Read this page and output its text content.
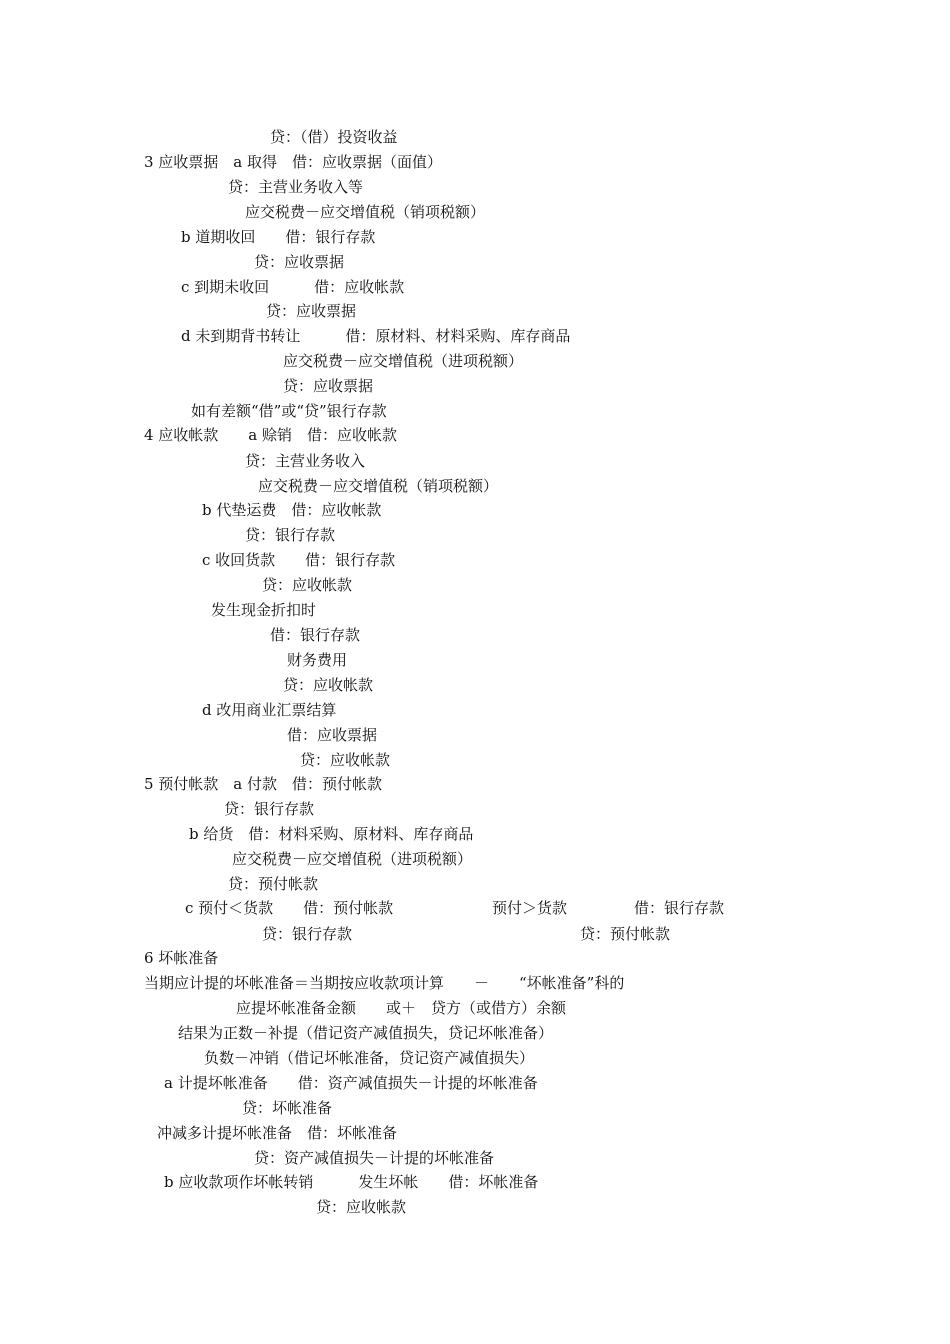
贷：（借）投资收益
3 应收票据　a 取得　借：应收票据（面值）
贷：主营业务收入等
应交税费－应交增值税（销项税额）
b 道期收回　　借：银行存款
贷：应收票据
c 到期未收回　　　借：应收帐款
贷：应收票据
d 未到期背书转让　　　借：原材料、材料采购、库存商品
应交税费－应交增值税（进项税额）
贷：应收票据
如有差额“借”或“贷”银行存款
4 应收帐款　　a 赊销　借：应收帐款
贷：主营业务收入
应交税费－应交增值税（销项税额）
b 代垫运费　借：应收帐款
贷：银行存款
c 收回货款　　借：银行存款
贷：应收帐款
发生现金折扣时
借：银行存款
财务费用
贷：应收帐款
d 改用商业汇票结算
借：应收票据
贷：应收帐款
5 预付帐款　a 付款　借：预付帐款
贷：银行存款
b 给货　借：材料采购、原材料、库存商品
应交税费－应交增值税（进项税额）
贷：预付帐款
c 预付＜货款　　借：预付帐款	预付＞货款	借：银行存款
贷：银行存款	贷：预付帐款
6 坏帐准备
当期应计提的坏帐准备＝当期按应收款项计算　　－　　“坏帐准备”科的
应提坏帐准备金额　　或＋　贷方（或借方）余额
结果为正数－补提（借记资产减值损失，贷记坏帐准备）
负数－冲销（借记坏帐准备，贷记资产减值损失）
a 计提坏帐准备　　借：资产减值损失－计提的坏帐准备
贷：坏帐准备
冲减多计提坏帐准备　借：坏帐准备
贷：资产减值损失－计提的坏帐准备
b 应收款项作坏帐转销　　　发生坏帐　　借：坏帐准备
贷：应收帐款
